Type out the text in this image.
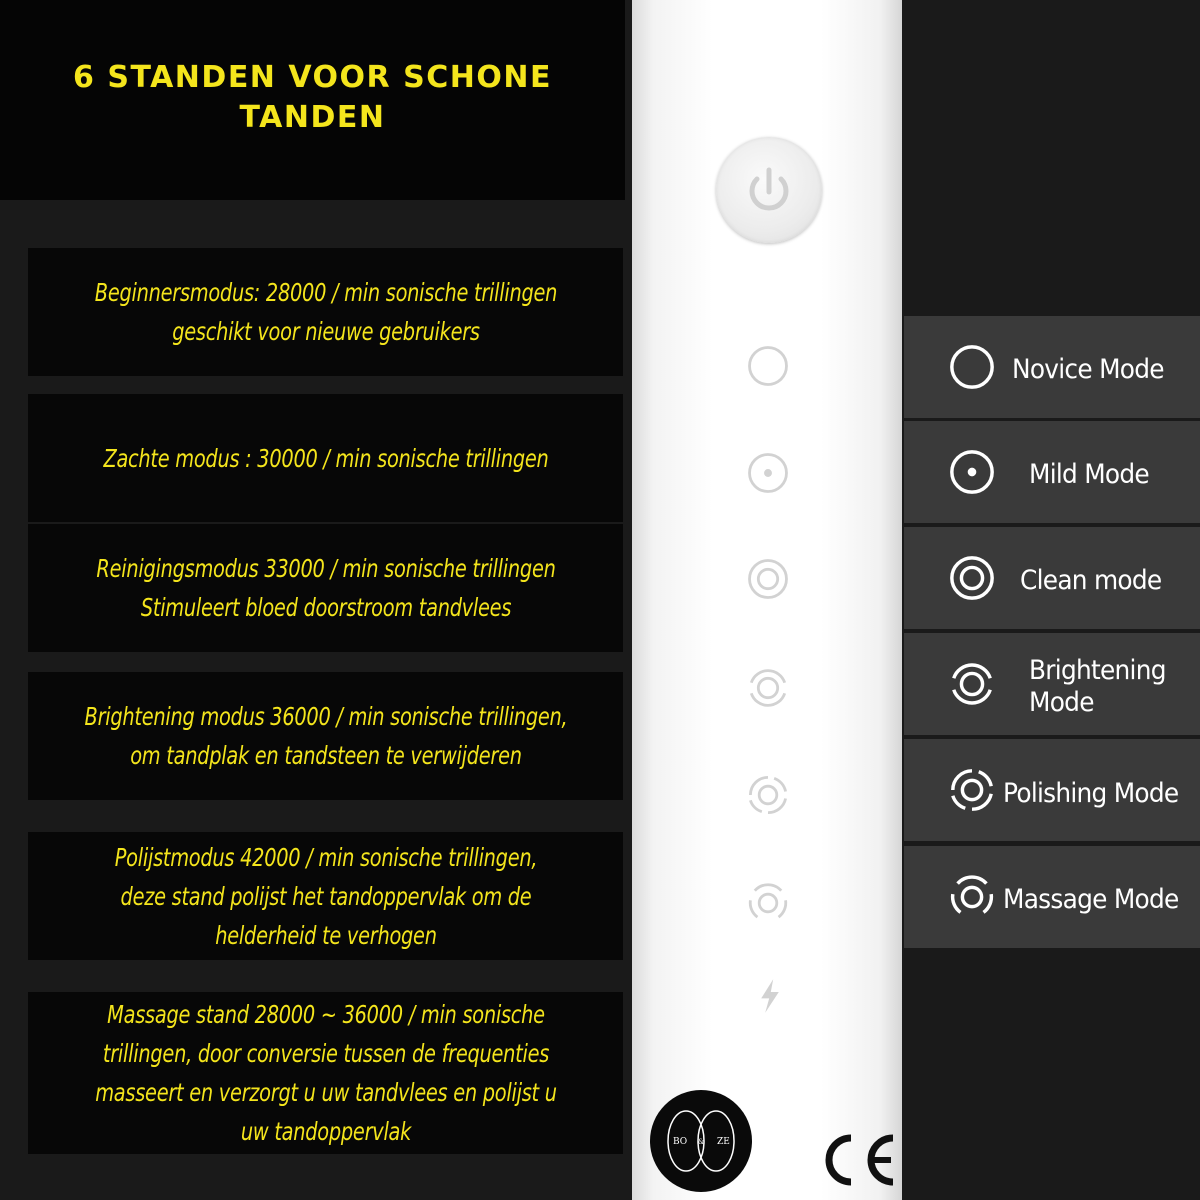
6 STANDEN VOOR SCHONE TANDEN
Beginnersmodus: 28000 / min sonische trillingen
geschikt voor nieuwe gebruikers
Zachte modus : 30000 / min sonische trillingen
Reinigingsmodus 33000 / min sonische trillingen
Stimuleert bloed doorstroom tandvlees
Brightening modus 36000 / min sonische trillingen,
om tandplak en tandsteen te verwijderen
Polijstmodus 42000 / min sonische trillingen,
deze stand polijst het tandoppervlak om de
helderheid te verhogen
Massage stand 28000 ~ 36000 / min sonische
trillingen, door conversie tussen de frequenties
masseert en verzorgt u uw tandvlees en polijst u
uw tandoppervlak
Novice Mode
Mild Mode
Clean mode
Brightening
Mode
Polishing Mode
Massage Mode
BO & ZE
